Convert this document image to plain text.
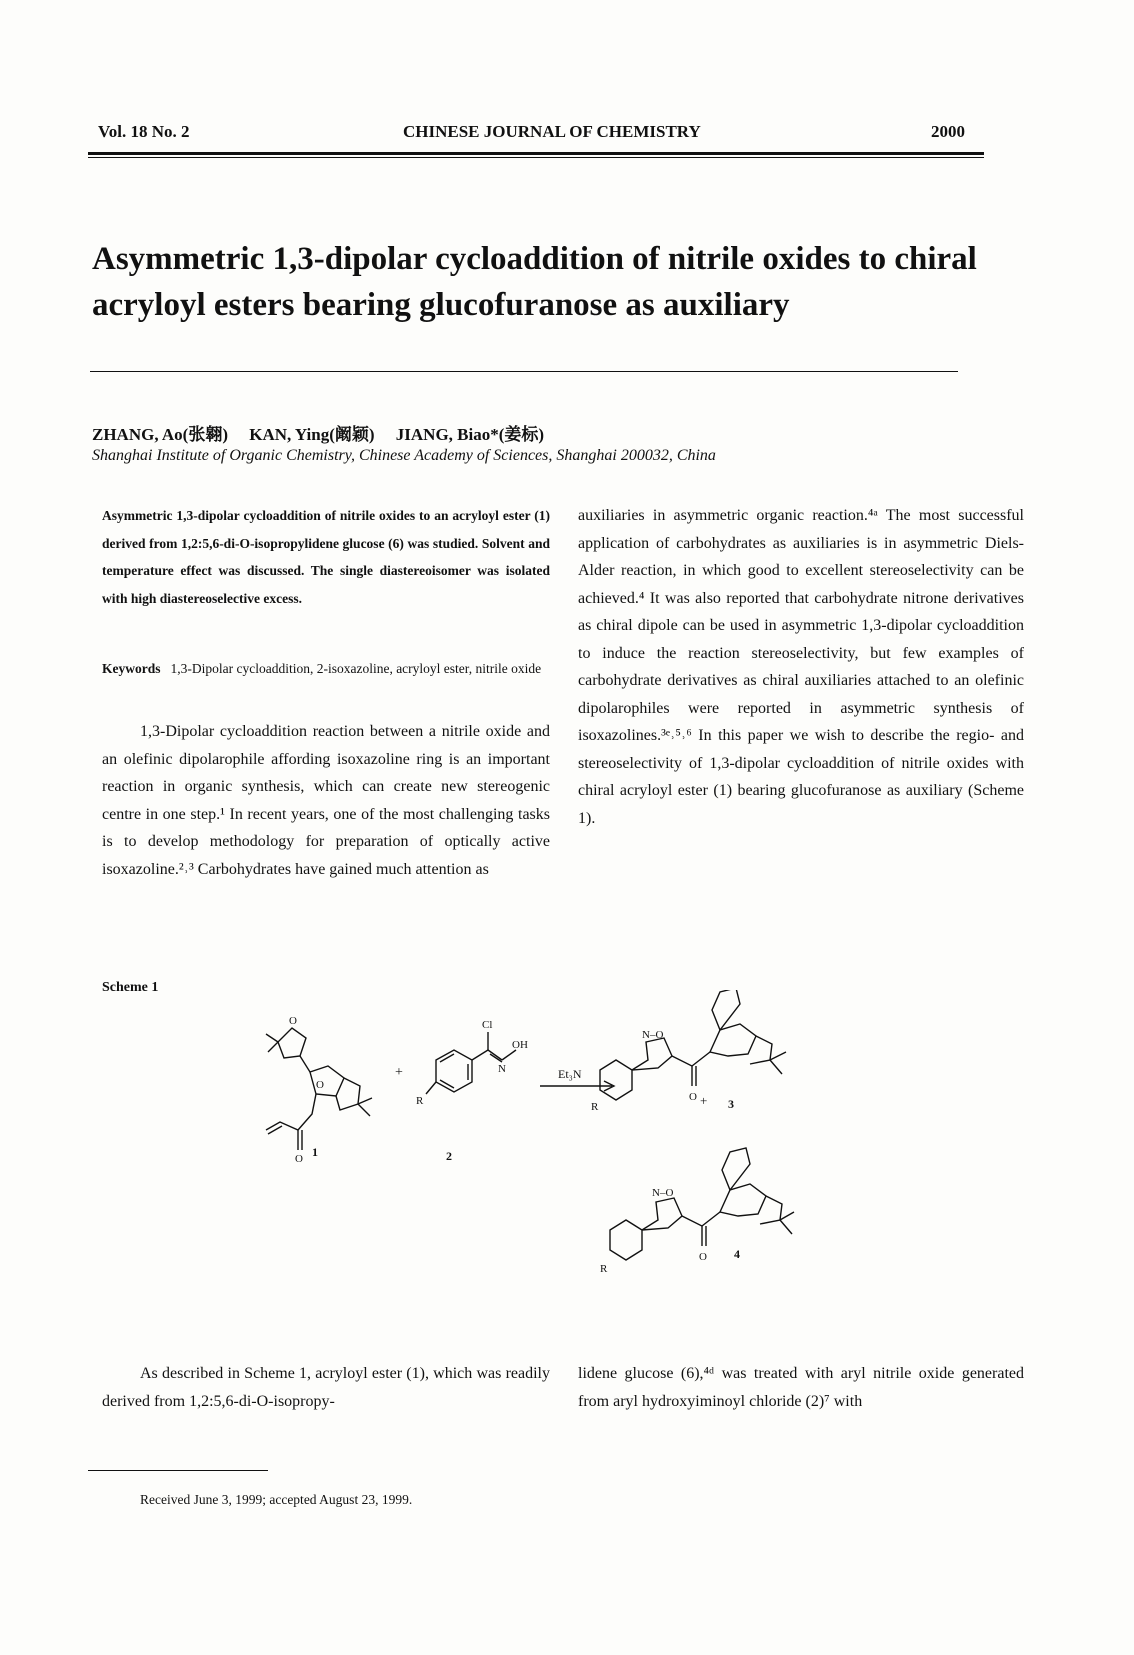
Vol. 18 No. 2	CHINESE JOURNAL OF CHEMISTRY	2000
Asymmetric 1,3-dipolar cycloaddition of nitrile oxides to chiral acryloyl esters bearing glucofuranose as auxiliary
ZHANG, Ao(张翱)     KAN, Ying(阚颖)     JIANG, Biao*(姜标)
Shanghai Institute of Organic Chemistry, Chinese Academy of Sciences, Shanghai 200032, China
Asymmetric 1,3-dipolar cycloaddition of nitrile oxides to an acryloyl ester (1) derived from 1,2:5,6-di-O-isopropylidene glucose (6) was studied. Solvent and temperature effect was discussed. The single diastereoisomer was isolated with high diastereoselective excess.
Keywords 1,3-Dipolar cycloaddition, 2-isoxazoline, acryloyl ester, nitrile oxide
1,3-Dipolar cycloaddition reaction between a nitrile oxide and an olefinic dipolarophile affording isoxazoline ring is an important reaction in organic synthesis, which can create new stereogenic centre in one step.¹ In recent years, one of the most challenging tasks is to develop methodology for preparation of optically active isoxazoline.²˒³ Carbohydrates have gained much attention as
auxiliaries in asymmetric organic reaction.⁴ᵃ The most successful application of carbohydrates as auxiliaries is in asymmetric Diels-Alder reaction, in which good to excellent stereoselectivity can be achieved.⁴ It was also reported that carbohydrate nitrone derivatives as chiral dipole can be used in asymmetric 1,3-dipolar cycloaddition to induce the reaction stereoselectivity, but few examples of carbohydrate derivatives as chiral auxiliaries attached to an olefinic dipolarophiles were reported in asymmetric synthesis of isoxazolines.³ᵉ˒⁵˒⁶ In this paper we wish to describe the regio- and stereoselectivity of 1,3-dipolar cycloaddition of nitrile oxides with chiral acryloyl ester (1) bearing glucofuranose as auxiliary (Scheme 1).
Scheme 1
O
O
O 1
+
Cl
N
OH
R
2
Et₃N
R
N–O
O + 3
R
N–O
O 4
As described in Scheme 1, acryloyl ester (1), which was readily derived from 1,2:5,6-di-O-isopropy-
lidene glucose (6),⁴ᵈ was treated with aryl nitrile oxide generated from aryl hydroxyiminoyl chloride (2)⁷ with
Received June 3, 1999; accepted August 23, 1999.
